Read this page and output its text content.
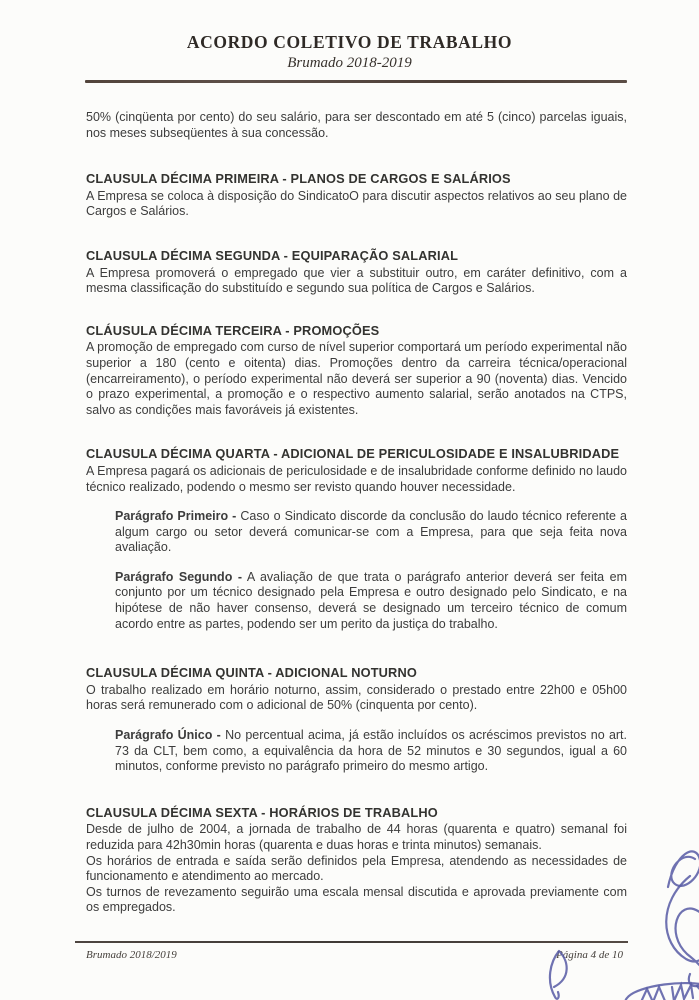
ACORDO COLETIVO DE TRABALHO
Brumado 2018-2019

50% (cinqüenta por cento) do seu salário, para ser descontado em até 5 (cinco) parcelas iguais, nos meses subseqüentes à sua concessão.

CLAUSULA DÉCIMA PRIMEIRA - PLANOS DE CARGOS E SALÁRIOS

A Empresa se coloca à disposição do SindicatoO para discutir aspectos relativos ao seu plano de Cargos e Salários.

CLAUSULA DÉCIMA SEGUNDA - EQUIPARAÇÃO SALARIAL

A Empresa promoverá o empregado que vier a substituir outro, em caráter definitivo, com a mesma classificação do substituído e segundo sua política de Cargos e Salários.

CLÁUSULA DÉCIMA TERCEIRA - PROMOÇÕES

A promoção de empregado com curso de nível superior comportará um período experimental não superior a 180 (cento e oitenta) dias. Promoções dentro da carreira técnica/operacional (encarreiramento), o período experimental não deverá ser superior a 90 (noventa) dias. Vencido o prazo experimental, a promoção e o respectivo aumento salarial, serão anotados na CTPS, salvo as condições mais favoráveis já existentes.

CLAUSULA DÉCIMA QUARTA - ADICIONAL DE PERICULOSIDADE E INSALUBRIDADE

A Empresa pagará os adicionais de periculosidade e de insalubridade conforme definido no laudo técnico realizado, podendo o mesmo ser revisto quando houver necessidade.

Parágrafo Primeiro - Caso o Sindicato discorde da conclusão do laudo técnico referente a algum cargo ou setor deverá comunicar-se com a Empresa, para que seja feita nova avaliação.
Parágrafo Segundo - A avaliação de que trata o parágrafo anterior deverá ser feita em conjunto por um técnico designado pela Empresa e outro designado pelo Sindicato, e na hipótese de não haver consenso, deverá se designado um terceiro técnico de comum acordo entre as partes, podendo ser um perito da justiça do trabalho.
CLAUSULA DÉCIMA QUINTA - ADICIONAL NOTURNO

O trabalho realizado em horário noturno, assim, considerado o prestado entre 22h00 e 05h00 horas será remunerado com o adicional de 50% (cinquenta por cento).

Parágrafo Único - No percentual acima, já estão incluídos os acréscimos previstos no art. 73 da CLT, bem como, a equivalência da hora de 52 minutos e 30 segundos, igual a 60 minutos, conforme previsto no parágrafo primeiro do mesmo artigo.
CLAUSULA DÉCIMA SEXTA - HORÁRIOS DE TRABALHO

Desde de julho de 2004, a jornada de trabalho de 44 horas (quarenta e quatro) semanal foi reduzida para 42h30min horas (quarenta e duas horas e trinta minutos) semanais.

Os horários de entrada e saída serão definidos pela Empresa, atendendo as necessidades de funcionamento e atendimento ao mercado.

Os turnos de revezamento seguirão uma escala mensal discutida e aprovada previamente com os empregados.

Brumado 2018/2019	Página 4 de 10
